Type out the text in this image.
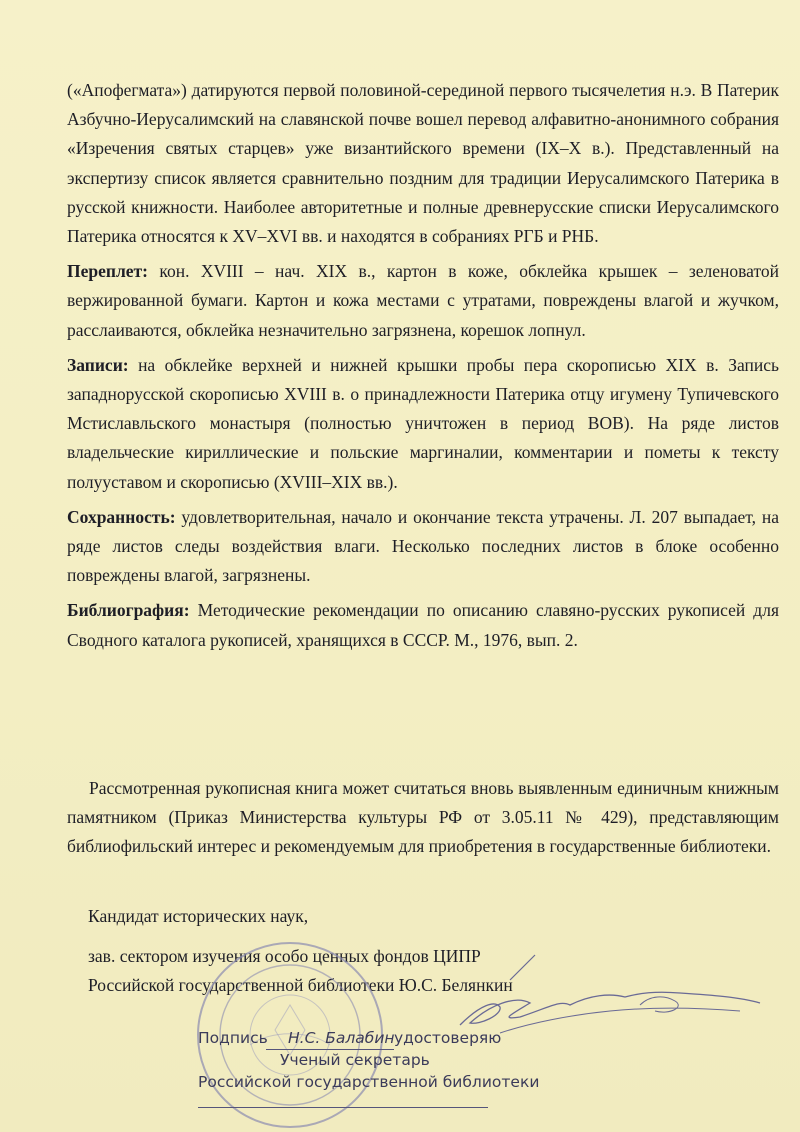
(«Апофегмата») датируются первой половиной-серединой первого тысячелетия н.э. В Патерик Азбучно-Иерусалимский на славянской почве вошел перевод алфавитно-анонимного собрания «Изречения святых старцев» уже византийского времени (IX–X в.). Представленный на экспертизу список является сравнительно поздним для традиции Иерусалимского Патерика в русской книжности. Наиболее авторитетные и полные древнерусские списки Иерусалимского Патерика относятся к XV–XVI вв. и находятся в собраниях РГБ и РНБ.

Переплет: кон. XVIII – нач. XIX в., картон в коже, обклейка крышек – зеленоватой вержированной бумаги. Картон и кожа местами с утратами, повреждены влагой и жучком, расслаиваются, обклейка незначительно загрязнена, корешок лопнул.

Записи: на обклейке верхней и нижней крышки пробы пера скорописью XIX в. Запись западнорусской скорописью XVIII в. о принадлежности Патерика отцу игумену Тупичевского Мстиславльского монастыря (полностью уничтожен в период ВОВ). На ряде листов владельческие кириллические и польские маргиналии, комментарии и пометы к тексту полууставом и скорописью (XVIII–XIX вв.).

Сохранность: удовлетворительная, начало и окончание текста утрачены. Л. 207 выпадает, на ряде листов следы воздействия влаги. Несколько последних листов в блоке особенно повреждены влагой, загрязнены.

Библиография: Методические рекомендации по описанию славяно-русских рукописей для Сводного каталога рукописей, хранящихся в СССР. М., 1976, вып. 2.

Рассмотренная рукописная книга может считаться вновь выявленным единичным книжным памятником (Приказ Министерства культуры РФ от 3.05.11 № 429), представляющим библиофильский интерес и рекомендуемым для приобретения в государственные библиотеки.

Кандидат исторических наук,
зав. сектором изучения особо ценных фондов ЦИПР
Российской государственной библиотеки Ю.С. Белянкин
Подпись Н.С. Балабин удостоверяю
Ученый секретарь
Российской государственной библиотеки
